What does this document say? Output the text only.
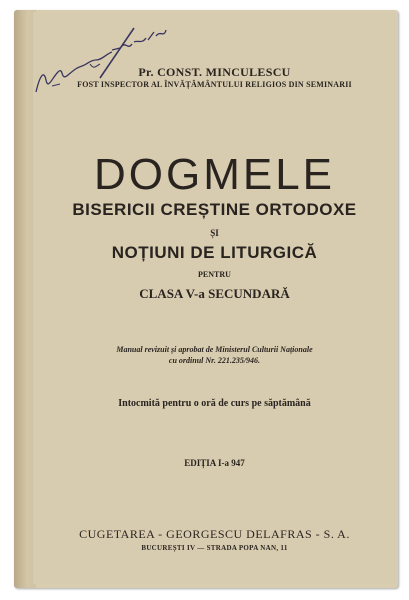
Pr. CONST. MINCULESCU
FOST INSPECTOR AL ÎNVĂȚĂMÂNTULUI RELIGIOS DIN SEMINARII
DOGMELE
BISERICII CREȘTINE ORTODOXE
ȘI
NOȚIUNI DE LITURGICĂ
PENTRU
CLASA V-a SECUNDARĂ
Manual revizuit și aprobat de Ministerul Culturii Naționale
cu ordinul Nr. 221.235/946.
Intocmită pentru o oră de curs pe săptămână
EDIȚIA I-a 947
CUGETAREA - GEORGESCU DELAFRAS - S. A.
BUCUREȘTI IV — STRADA POPA NAN, 11
